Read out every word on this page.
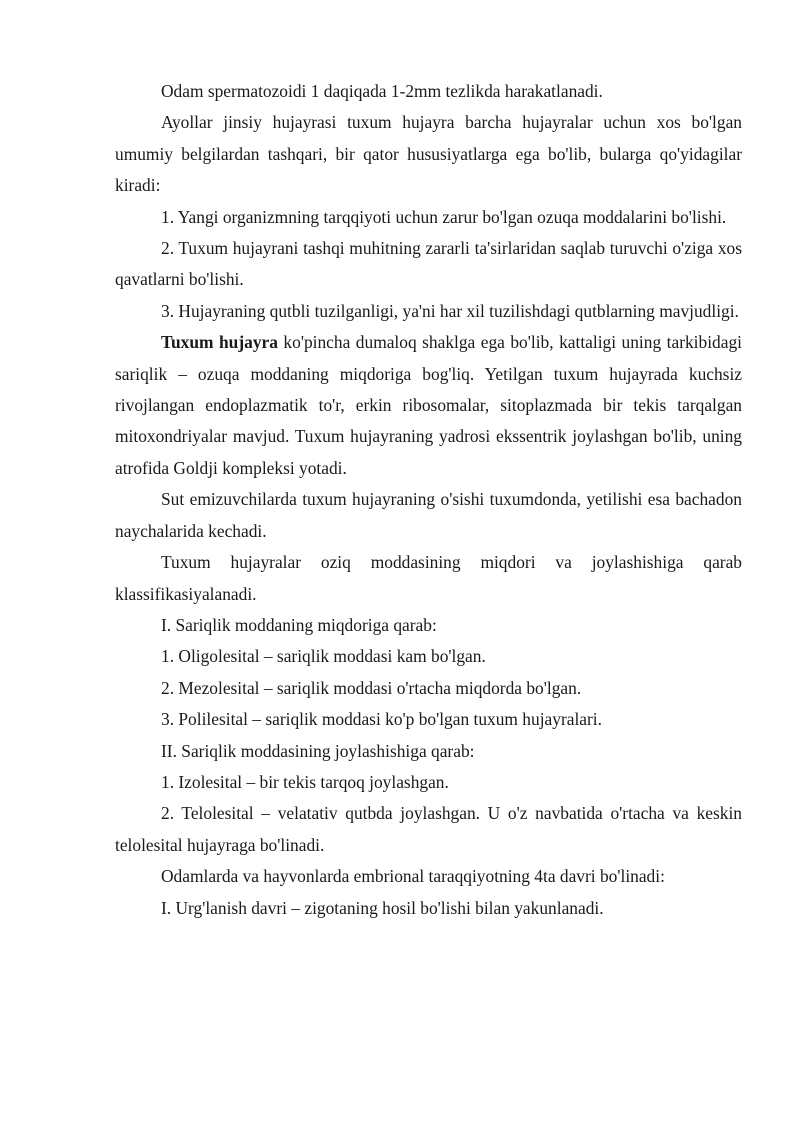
Odam spermatozoidi 1 daqiqada 1-2mm tezlikda harakatlanadi.

Ayollar jinsiy hujayrasi tuxum hujayra barcha hujayralar uchun xos bo'lgan umumiy belgilardan tashqari, bir qator hususiyatlarga ega bo'lib, bularga qo'yidagilar kiradi:

1. Yangi organizmning tarqqiyoti uchun zarur bo'lgan ozuqa moddalarini bo'lishi.

2. Tuxum hujayrani tashqi muhitning zararli ta'sirlaridan saqlab turuvchi o'ziga xos qavatlarni bo'lishi.

3. Hujayraning qutbli tuzilganligi, ya'ni har xil tuzilishdagi qutblarning mavjudligi.

Tuxum hujayra ko'pincha dumaloq shaklga ega bo'lib, kattaligi uning tarkibidagi sariqlik – ozuqa moddaning miqdoriga bog'liq. Yetilgan tuxum hujayrada kuchsiz rivojlangan endoplazmatik to'r, erkin ribosomalar, sitoplazmada bir tekis tarqalgan mitoxondriyalar mavjud. Tuxum hujayraning yadrosi ekssentrik joylashgan bo'lib, uning atrofida Goldji kompleksi yotadi.

Sut emizuvchilarda tuxum hujayraning o'sishi tuxumdonda, yetilishi esa bachadon naychalarida kechadi.

Tuxum hujayralar oziq moddasining miqdori va joylashishiga qarab klassifikasiyalanadi.

I. Sariqlik moddaning miqdoriga qarab:

1. Oligolesital – sariqlik moddasi kam bo'lgan.

2. Mezolesital – sariqlik moddasi o'rtacha miqdorda bo'lgan.

3. Polilesital – sariqlik moddasi ko'p bo'lgan tuxum hujayralari.

II. Sariqlik moddasining joylashishiga qarab:

1. Izolesital – bir tekis tarqoq joylashgan.

2. Telolesital – velatativ qutbda joylashgan. U o'z navbatida o'rtacha va keskin telolesital hujayraga bo'linadi.

Odamlarda va hayvonlarda embrional taraqqiyotning 4ta davri bo'linadi:

I. Urg'lanish davri – zigotaning hosil bo'lishi bilan yakunlanadi.
